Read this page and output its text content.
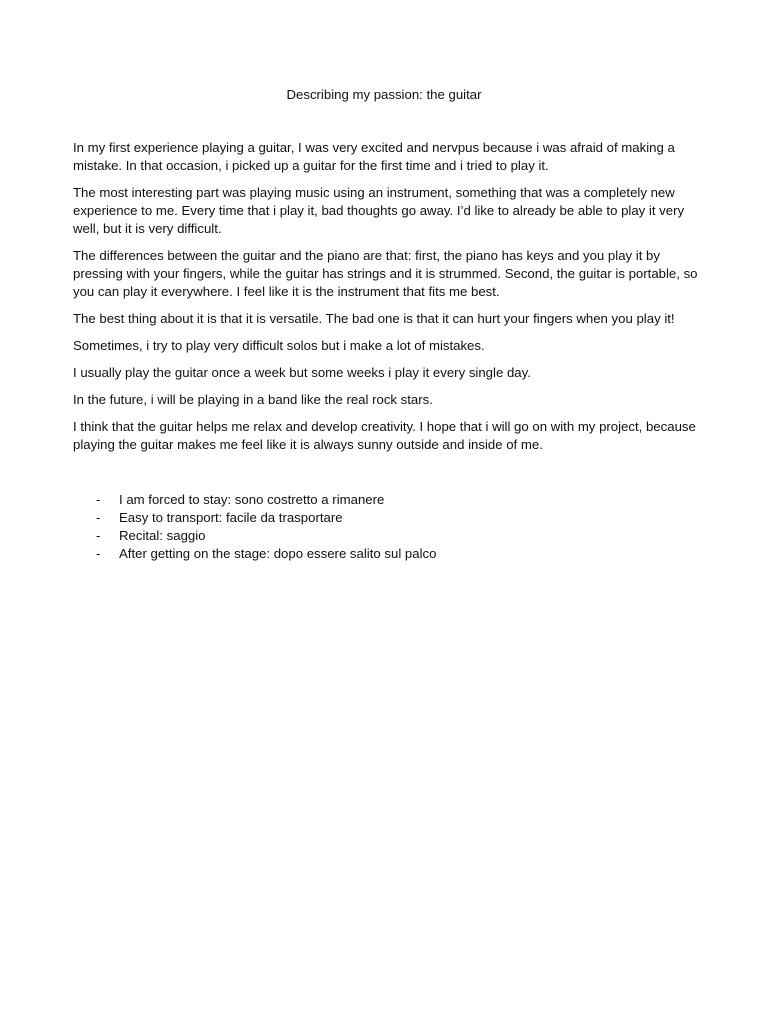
Describing my passion: the guitar

In my first experience playing a guitar, I was very excited and nervpus because i was afraid of making a mistake. In that occasion, i picked up a guitar for the first time and i tried to play it.

The most interesting part was playing music using an instrument, something that was a completely new experience to me. Every time that i play it, bad thoughts go away. I’d like to already be able to play it very well, but it is very difficult.

The differences between the guitar and the piano are that: first, the piano has keys and you play it by pressing with your fingers, while the guitar has strings and it is strummed. Second, the guitar is portable, so you can play it everywhere. I feel like it is the instrument that fits me best.

The best thing about it is that it is versatile. The bad one is that it can hurt your fingers when you play it!

Sometimes, i try to play very difficult solos but i make a lot of mistakes.

I usually play the guitar once a week but some weeks i play it every single day.

In the future, i will be playing in a band like the real rock stars.

I think that the guitar helps me relax and develop creativity. I hope that i will go on with my project, because playing the guitar makes me feel like it is always sunny outside and inside of me.

- I am forced to stay: sono costretto a rimanere
- Easy to transport: facile da trasportare
- Recital: saggio
- After getting on the stage: dopo essere salito sul palco
